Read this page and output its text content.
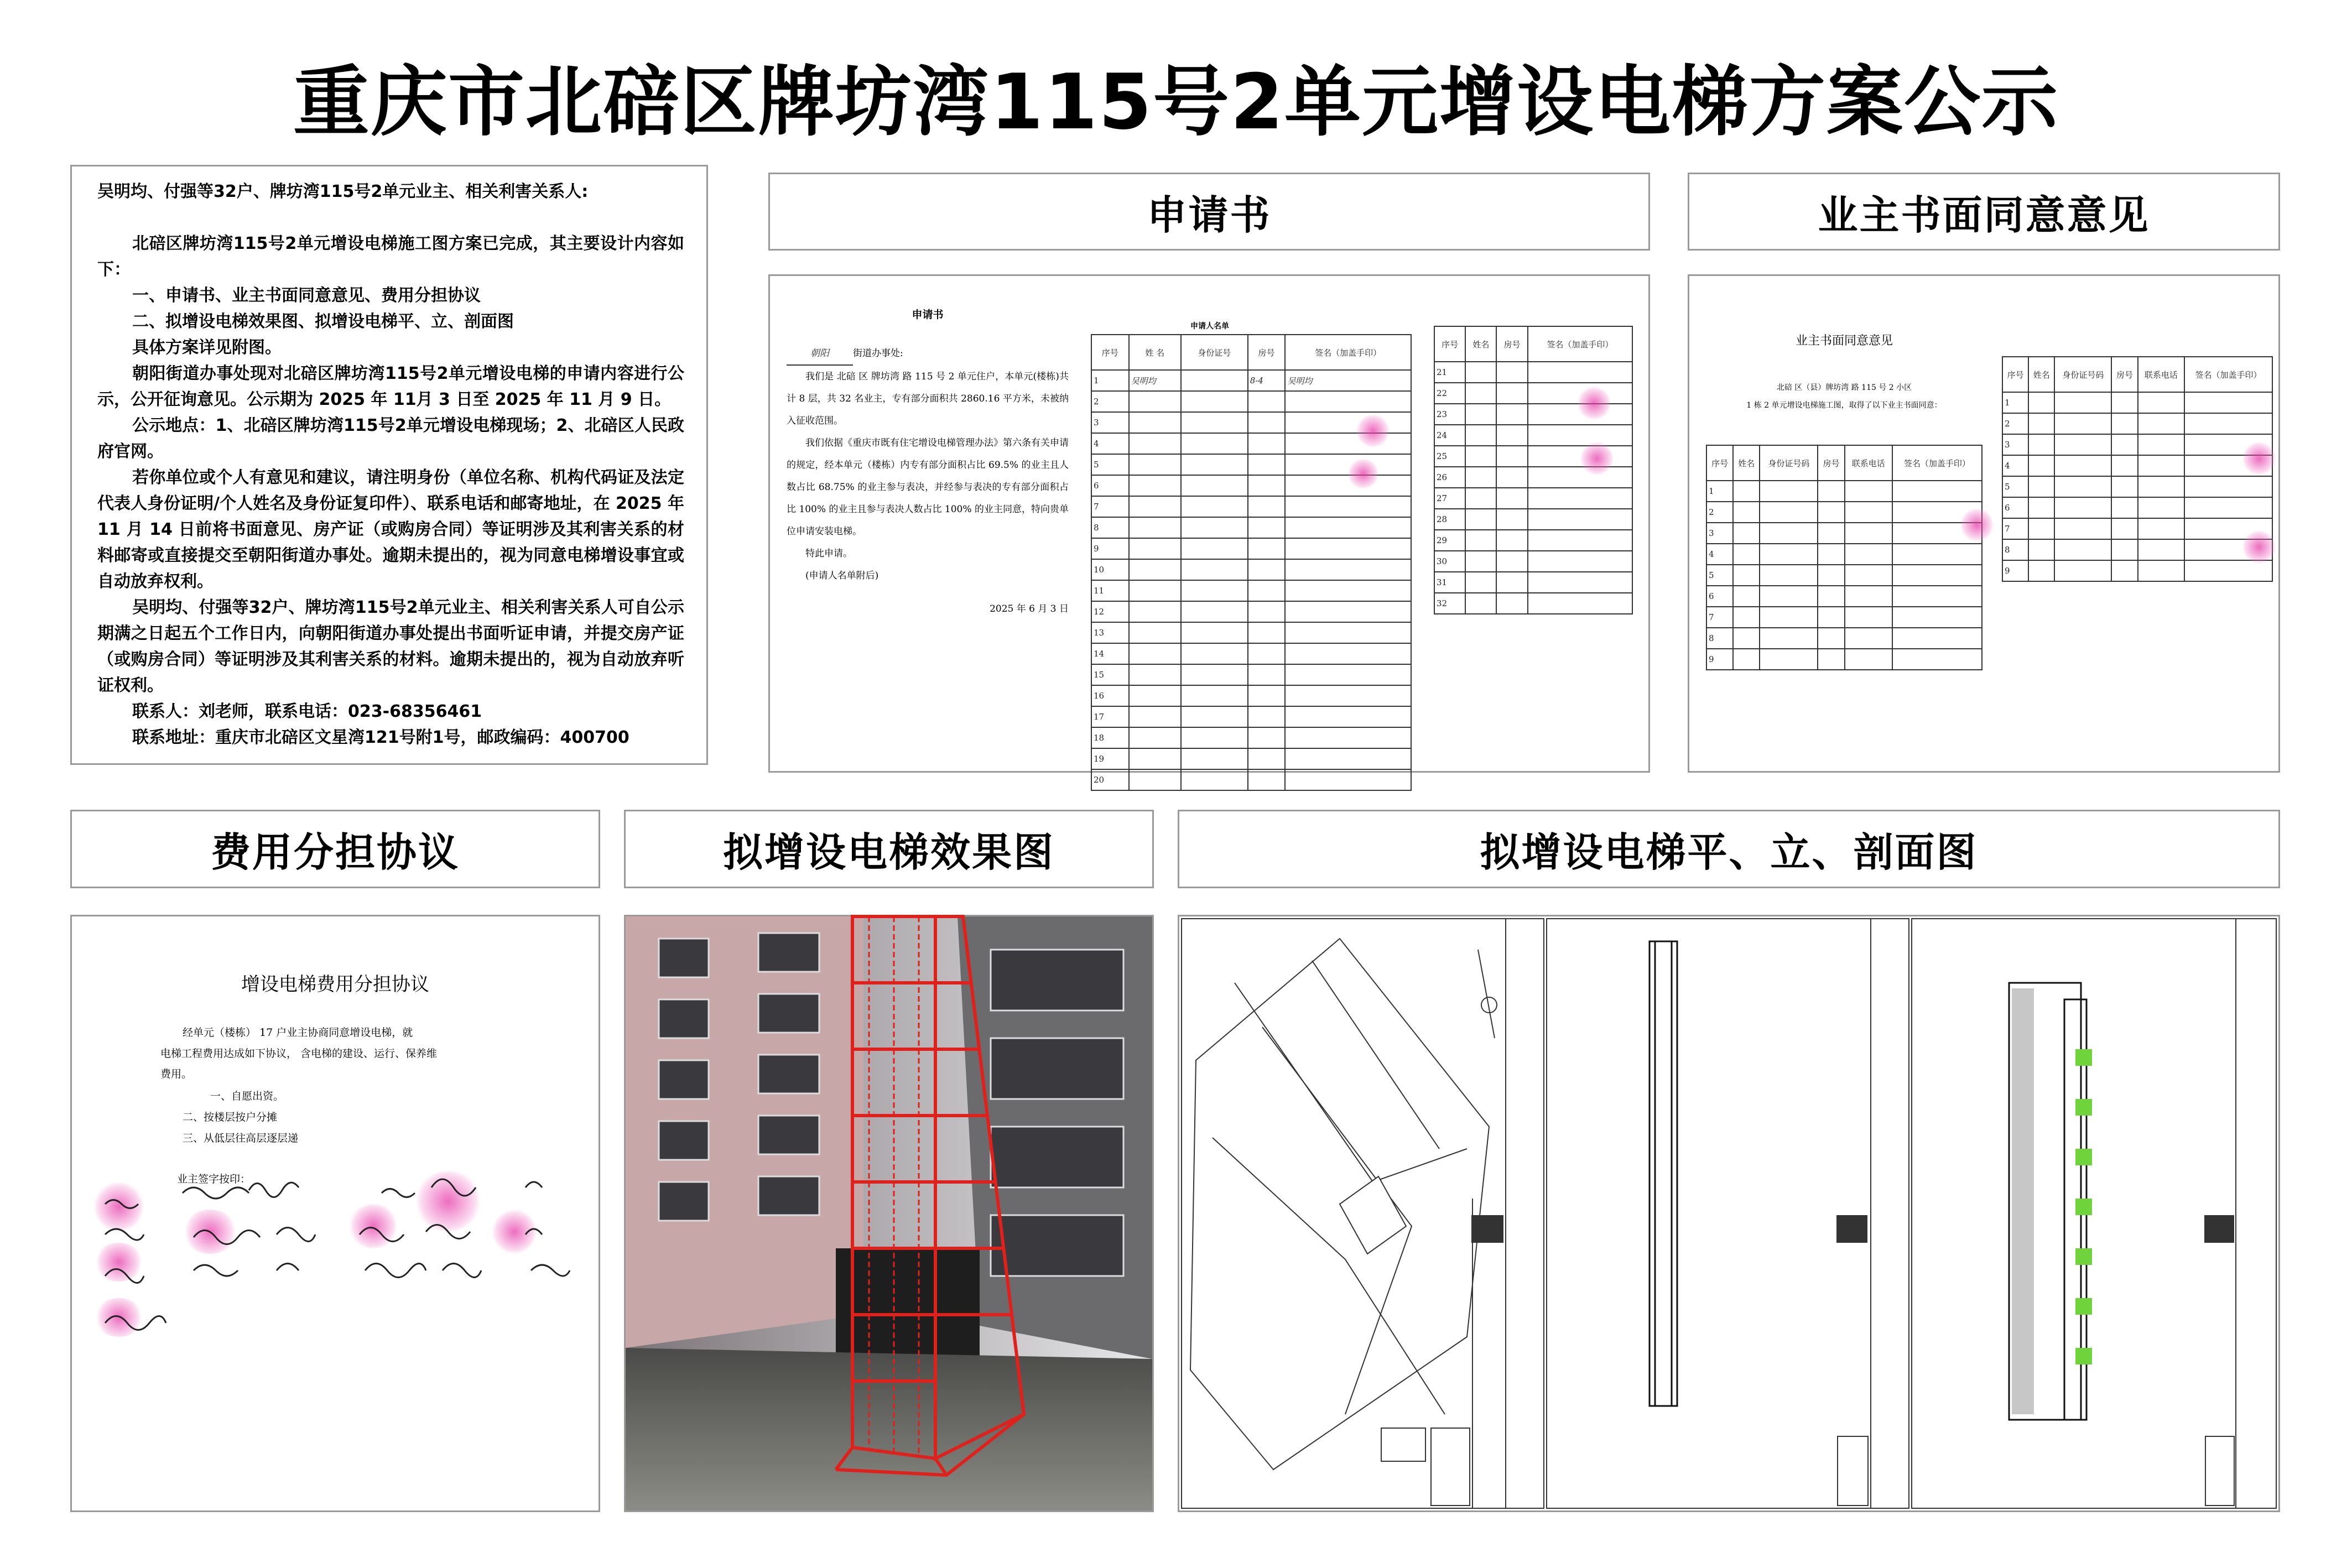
重庆市北碚区牌坊湾115号2单元增设电梯方案公示

吴明均、付强等32户、牌坊湾115号2单元业主、相关利害关系人:

北碚区牌坊湾115号2单元增设电梯施工图方案已完成，其主要设计内容如下：

一、申请书、业主书面同意意见、费用分担协议

二、拟增设电梯效果图、拟增设电梯平、立、剖面图

具体方案详见附图。

朝阳街道办事处现对北碚区牌坊湾115号2单元增设电梯的申请内容进行公示，公开征询意见。公示期为 2025 年 11月 3 日至 2025 年 11 月 9 日。

公示地点：1、北碚区牌坊湾115号2单元增设电梯现场；2、北碚区人民政府官网。

若你单位或个人有意见和建议，请注明身份（单位名称、机构代码证及法定代表人身份证明/个人姓名及身份证复印件）、联系电话和邮寄地址，在 2025 年 11 月 14 日前将书面意见、房产证（或购房合同）等证明涉及其利害关系的材料邮寄或直接提交至朝阳街道办事处。逾期未提出的，视为同意电梯增设事宜或自动放弃权利。

吴明均、付强等32户、牌坊湾115号2单元业主、相关利害关系人可自公示期满之日起五个工作日内，向朝阳街道办事处提出书面听证申请，并提交房产证（或购房合同）等证明涉及其利害关系的材料。逾期未提出的，视为自动放弃听证权利。

联系人：刘老师，联系电话：023-68356461

联系地址：重庆市北碚区文星湾121号附1号，邮政编码：400700

申请书	业主书面同意意见
费用分担协议	拟增设电梯效果图	拟增设电梯平、立、剖面图
申请书
朝阳	街道办事处:
我们是 北碚 区 牌坊湾 路 115 号 2 单元住户，本单元(楼栋)共计 8 层，共 32 名业主，专有部分面积共 2860.16 平方米，未被纳入征收范围。
我们依据《重庆市既有住宅增设电梯管理办法》第六条有关申请的规定，经本单元（楼栋）内专有部分面积占比 69.5% 的业主且人数占比 68.75% 的业主参与表决，并经参与表决的专有部分面积占比 100% 的业主且参与表决人数占比 100% 的业主同意，特向贵单位申请安装电梯。
特此申请。
(申请人名单附后)
2025 年 6 月 3 日
申请人名单
序号	姓 名	身份证号	房号	签名（加盖手印）
1	吴明均		8-4	吴明均
2				
3				
4				
5				
6				
7				
8				
9				
10				
11				
12				
13				
14				
15				
16				
17				
18				
19				
20				
序号	姓名	房号	签名（加盖手印）
21			
22			
23			
24			
25			
26			
27			
28			
29			
30			
31			
32			
业主书面同意意见
北碚 区（县）牌坊湾 路 115 号 2 小区
1 栋 2 单元增设电梯施工图，取得了以下业主书面同意：
序号	姓名	身份证号码	房号	联系电话	签名（加盖手印）
1					
2					
3					
4					
5					
6					
7					
8					
9					
序号	姓名	身份证号码	房号	联系电话	签名（加盖手印）
1					
2					
3					
4					
5					
6					
7					
8					
9					
增设电梯费用分担协议
经单元（楼栋） 17 户业主协商同意增设电梯，就
电梯工程费用达成如下协议， 含电梯的建设、运行、保养维
费用。
一、自愿出资。
二、按楼层按户分摊
三、从低层往高层逐层递
业主签字按印：
